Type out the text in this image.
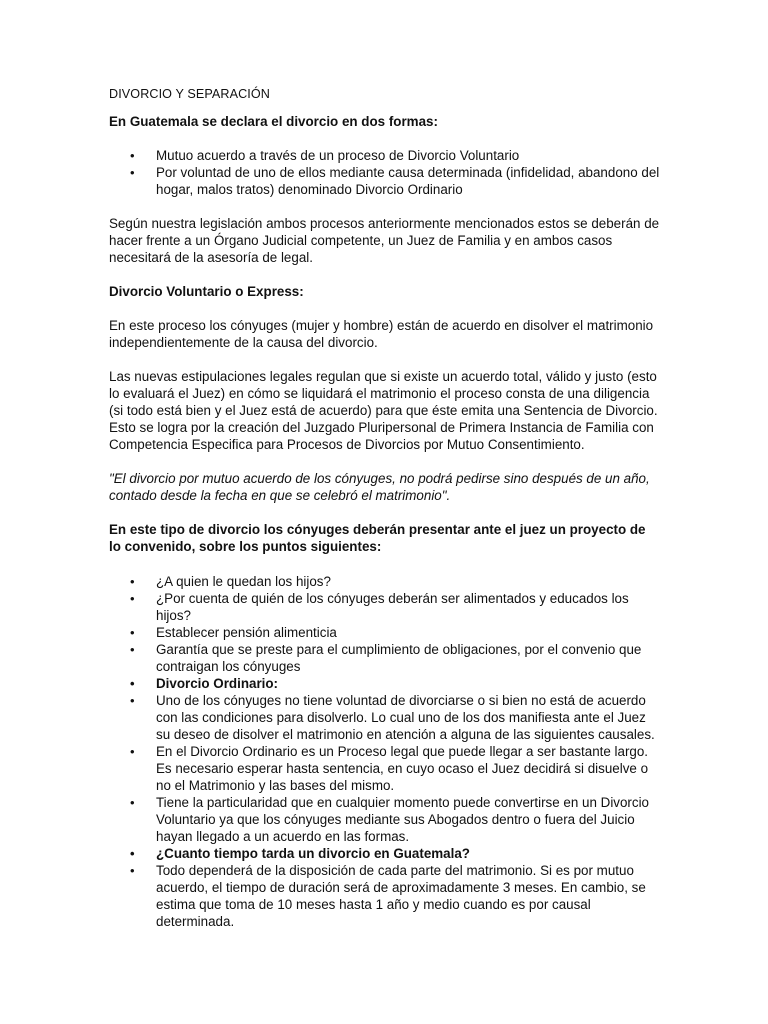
DIVORCIO Y SEPARACIÓN

En Guatemala se declara el divorcio en dos formas:

• Mutuo acuerdo a través de un proceso de Divorcio Voluntario
• Por voluntad de uno de ellos mediante causa determinada (infidelidad, abandono del hogar, malos tratos) denominado Divorcio Ordinario

Según nuestra legislación ambos procesos anteriormente mencionados estos se deberán de hacer frente a un Órgano Judicial competente, un Juez de Familia y en ambos casos necesitará de la asesoría de legal.

Divorcio Voluntario o Express:

En este proceso los cónyuges (mujer y hombre) están de acuerdo en disolver el matrimonio independientemente de la causa del divorcio.

Las nuevas estipulaciones legales regulan que si existe un acuerdo total, válido y justo (esto lo evaluará el Juez) en cómo se liquidará el matrimonio el proceso consta de una diligencia (si todo está bien y el Juez está de acuerdo) para que éste emita una Sentencia de Divorcio. Esto se logra por la creación del Juzgado Pluripersonal de Primera Instancia de Familia con Competencia Especifica para Procesos de Divorcios por Mutuo Consentimiento.

"El divorcio por mutuo acuerdo de los cónyuges, no podrá pedirse sino después de un año, contado desde la fecha en que se celebró el matrimonio".

En este tipo de divorcio los cónyuges deberán presentar ante el juez un proyecto de lo convenido, sobre los puntos siguientes:

• ¿A quien le quedan los hijos?
• ¿Por cuenta de quién de los cónyuges deberán ser alimentados y educados los hijos?
• Establecer pensión alimenticia
• Garantía que se preste para el cumplimiento de obligaciones, por el convenio que contraigan los cónyuges
• Divorcio Ordinario:
• Uno de los cónyuges no tiene voluntad de divorciarse o si bien no está de acuerdo con las condiciones para disolverlo. Lo cual uno de los dos manifiesta ante el Juez su deseo de disolver el matrimonio en atención a alguna de las siguientes causales.
• En el Divorcio Ordinario es un Proceso legal que puede llegar a ser bastante largo. Es necesario esperar hasta sentencia, en cuyo ocaso el Juez decidirá si disuelve o no el Matrimonio y las bases del mismo.
• Tiene la particularidad que en cualquier momento puede convertirse en un Divorcio Voluntario ya que los cónyuges mediante sus Abogados dentro o fuera del Juicio hayan llegado a un acuerdo en las formas.
• ¿Cuanto tiempo tarda un divorcio en Guatemala?
• Todo dependerá de la disposición de cada parte del matrimonio. Si es por mutuo acuerdo, el tiempo de duración será de aproximadamente 3 meses. En cambio, se estima que toma de 10 meses hasta 1 año y medio cuando es por causal determinada.
